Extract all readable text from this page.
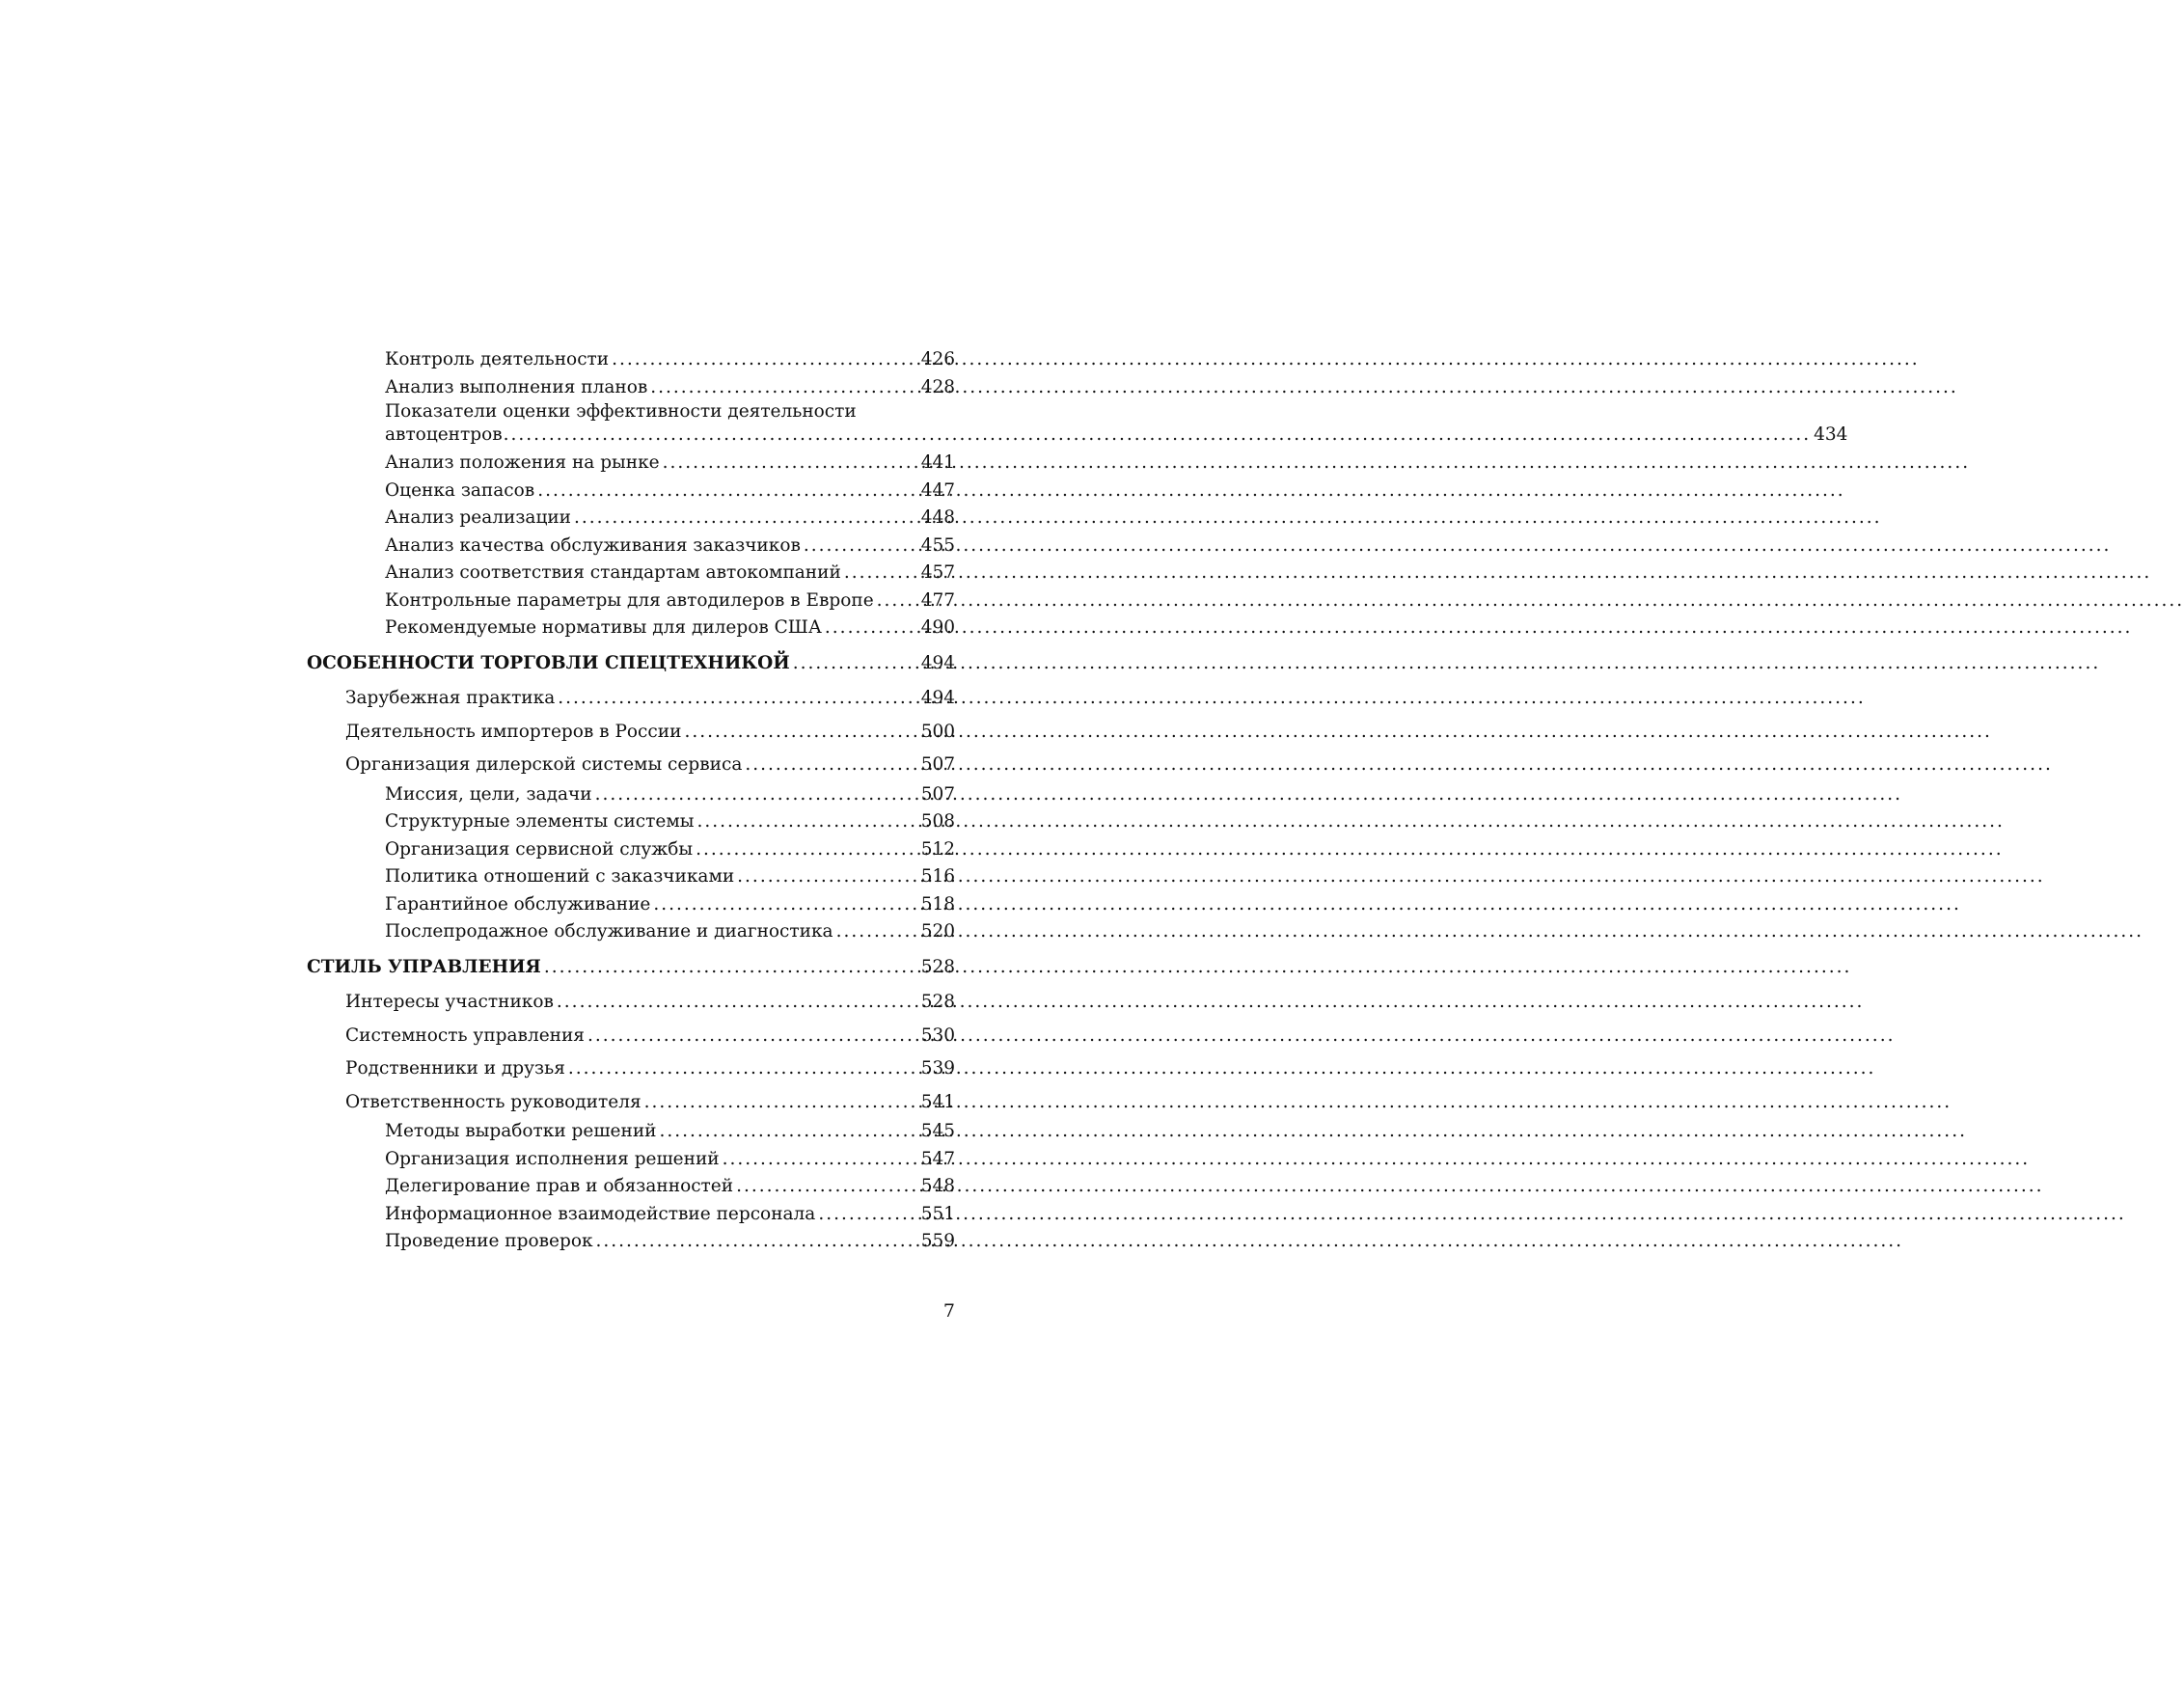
Контроль деятельности .....	426
Анализ выполнения планов .....	428
Показатели оценки эффективности деятельности
автоцентров .....	434
Анализ положения на рынке .....	441
Оценка запасов .....	447
Анализ реализации .....	448
Анализ качества обслуживания заказчиков .....	455
Анализ соответствия стандартам автокомпаний .....	457
Контрольные параметры для автодилеров в Европе .....	477
Рекомендуемые нормативы для дилеров США .....	490
ОСОБЕННОСТИ ТОРГОВЛИ СПЕЦТЕХНИКОЙ .....	494
Зарубежная практика .....	494
Деятельность импортеров в России .....	500
Организация дилерской системы сервиса .....	507
Миссия, цели, задачи .....	507
Структурные элементы системы .....	508
Организация сервисной службы .....	512
Политика отношений с заказчиками .....	516
Гарантийное обслуживание .....	518
Послепродажное обслуживание и диагностика .....	520
СТИЛЬ УПРАВЛЕНИЯ .....	528
Интересы участников .....	528
Системность управления .....	530
Родственники и друзья .....	539
Ответственность руководителя .....	541
Методы выработки решений .....	545
Организация исполнения решений .....	547
Делегирование прав и обязанностей .....	548
Информационное взаимодействие персонала .....	551
Проведение проверок .....	559
7
